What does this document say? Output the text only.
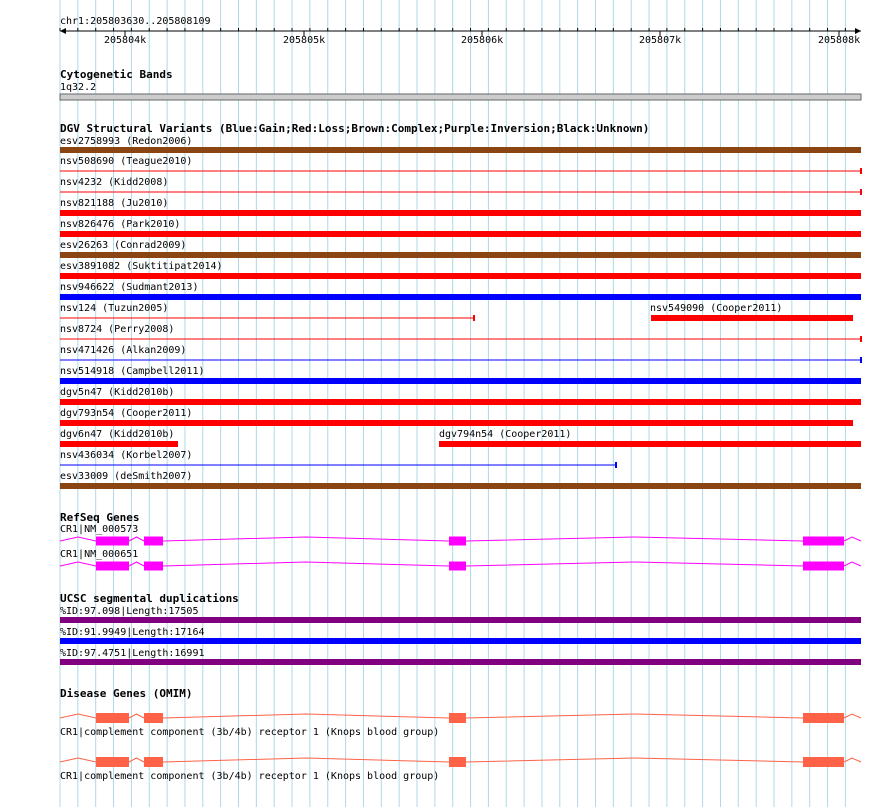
chr1:205803630..205808109
205804k	205805k	205806k	205807k	205808k
Cytogenetic Bands
1q32.2
DGV Structural Variants (Blue:Gain;Red:Loss;Brown:Complex;Purple:Inversion;Black:Unknown)
esv2758993 (Redon2006)
nsv508690 (Teague2010)
nsv4232 (Kidd2008)
nsv821188 (Ju2010)
nsv826476 (Park2010)
esv26263 (Conrad2009)
esv3891082 (Suktitipat2014)
nsv946622 (Sudmant2013)
nsv124 (Tuzun2005)	nsv549090 (Cooper2011)
nsv8724 (Perry2008)
nsv471426 (Alkan2009)
nsv514918 (Campbell2011)
dgv5n47 (Kidd2010b)
dgv793n54 (Cooper2011)
dgv6n47 (Kidd2010b)	dgv794n54 (Cooper2011)
nsv436034 (Korbel2007)
esv33009 (deSmith2007)
RefSeq Genes
CR1|NM_000573
CR1|NM_000651
UCSC segmental duplications
%ID:97.098|Length:17505
%ID:91.9949|Length:17164
%ID:97.4751|Length:16991
Disease Genes (OMIM)
CR1|complement component (3b/4b) receptor 1 (Knops blood group)
CR1|complement component (3b/4b) receptor 1 (Knops blood group)
